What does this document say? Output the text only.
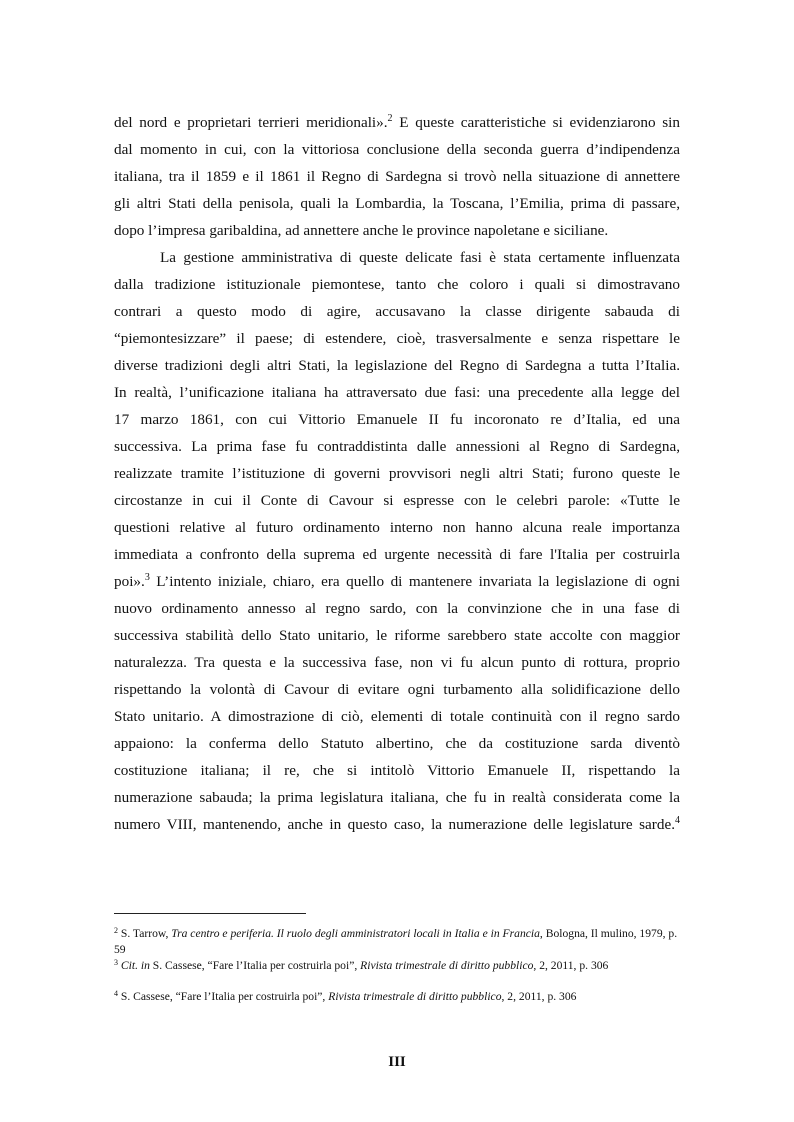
del nord e proprietari terrieri meridionali».$^2$ E queste caratteristiche si evidenziarono sin
dal momento in cui, con la vittoriosa conclusione della seconda guerra d’indipendenza
italiana, tra il 1859 e il 1861 il Regno di Sardegna si trovò nella situazione di annettere
gli altri Stati della penisola, quali la Lombardia, la Toscana, l’Emilia, prima di passare,
dopo l’impresa garibaldina, ad annettere anche le province napoletane e siciliane.
La gestione amministrativa di queste delicate fasi è stata certamente influenzata
dalla tradizione istituzionale piemontese, tanto che coloro i quali si dimostravano
contrari a questo modo di agire, accusavano la classe dirigente sabauda di
“piemontesizzare” il paese; di estendere, cioè, trasversalmente e senza rispettare le
diverse tradizioni degli altri Stati, la legislazione del Regno di Sardegna a tutta l’Italia.
In realtà, l’unificazione italiana ha attraversato due fasi: una precedente alla legge del
17 marzo 1861, con cui Vittorio Emanuele II fu incoronato re d’Italia, ed una
successiva. La prima fase fu contraddistinta dalle annessioni al Regno di Sardegna,
realizzate tramite l’istituzione di governi provvisori negli altri Stati; furono queste le
circostanze in cui il Conte di Cavour si espresse con le celebri parole: «Tutte le
questioni relative al futuro ordinamento interno non hanno alcuna reale importanza
immediata a confronto della suprema ed urgente necessità di fare l'Italia per costruirla
poi».$^3$ L’intento iniziale, chiaro, era quello di mantenere invariata la legislazione di ogni
nuovo ordinamento annesso al regno sardo, con la convinzione che in una fase di
successiva stabilità dello Stato unitario, le riforme sarebbero state accolte con maggior
naturalezza. Tra questa e la successiva fase, non vi fu alcun punto di rottura, proprio
rispettando la volontà di Cavour di evitare ogni turbamento alla solidificazione dello
Stato unitario. A dimostrazione di ciò, elementi di totale continuità con il regno sardo
appaiono: la conferma dello Statuto albertino, che da costituzione sarda diventò
costituzione italiana; il re, che si intitolò Vittorio Emanuele II, rispettando la
numerazione sabauda; la prima legislatura italiana, che fu in realtà considerata come la
numero VIII, mantenendo, anche in questo caso, la numerazione delle legislature sarde.$^4$
$^2$ S. Tarrow, Tra centro e periferia. Il ruolo degli amministratori locali in Italia e in Francia, Bologna, Il mulino, 1979, p. 59
$^3$ Cit. in S. Cassese, “Fare l’Italia per costruirla poi”, Rivista trimestrale di diritto pubblico, 2, 2011, p. 306
$^4$ S. Cassese, “Fare l’Italia per costruirla poi”, Rivista trimestrale di diritto pubblico, 2, 2011, p. 306
III
